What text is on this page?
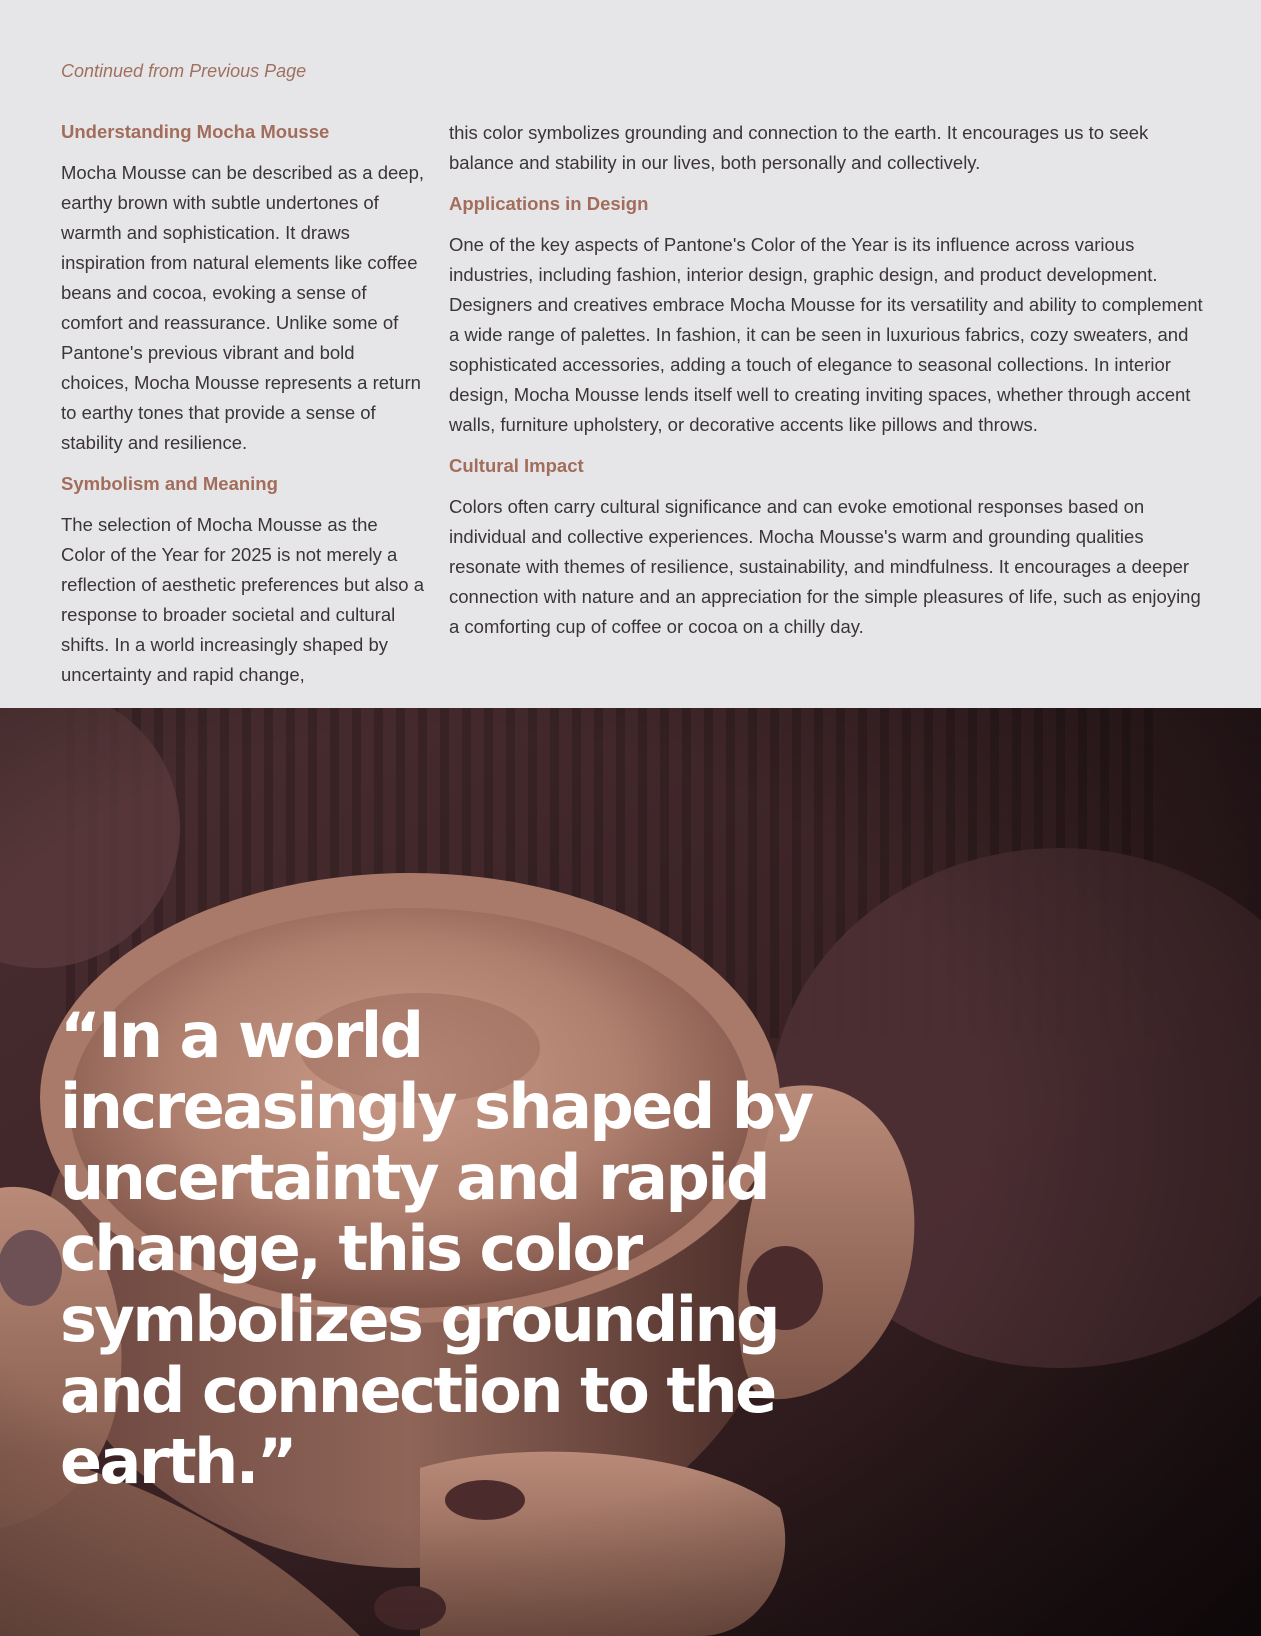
Continued from Previous Page
Understanding Mocha Mousse

Mocha Mousse can be described as a deep, earthy brown with subtle undertones of warmth and sophistication. It draws inspiration from natural elements like coffee beans and cocoa, evoking a sense of comfort and reassurance. Unlike some of Pantone's previous vibrant and bold choices, Mocha Mousse represents a return to earthy tones that provide a sense of stability and resilience.

Symbolism and Meaning

The selection of Mocha Mousse as the Color of the Year for 2025 is not merely a reflection of aesthetic preferences but also a response to broader societal and cultural shifts. In a world increasingly shaped by uncertainty and rapid change,

this color symbolizes grounding and connection to the earth. It encourages us to seek balance and stability in our lives, both personally and collectively.

Applications in Design

One of the key aspects of Pantone's Color of the Year is its influence across various industries, including fashion, interior design, graphic design, and product development. Designers and creatives embrace Mocha Mousse for its versatility and ability to complement a wide range of palettes. In fashion, it can be seen in luxurious fabrics, cozy sweaters, and sophisticated accessories, adding a touch of elegance to seasonal collections. In interior design, Mocha Mousse lends itself well to creating inviting spaces, whether through accent walls, furniture upholstery, or decorative accents like pillows and throws.

Cultural Impact

Colors often carry cultural significance and can evoke emotional responses based on individual and collective experiences. Mocha Mousse's warm and grounding qualities resonate with themes of resilience, sustainability, and mindfulness. It encourages a deeper connection with nature and an appreciation for the simple pleasures of life, such as enjoying a comforting cup of coffee or cocoa on a chilly day.

“In a world increasingly shaped by uncertainty and rapid change, this color symbolizes grounding and connection to the earth.”
